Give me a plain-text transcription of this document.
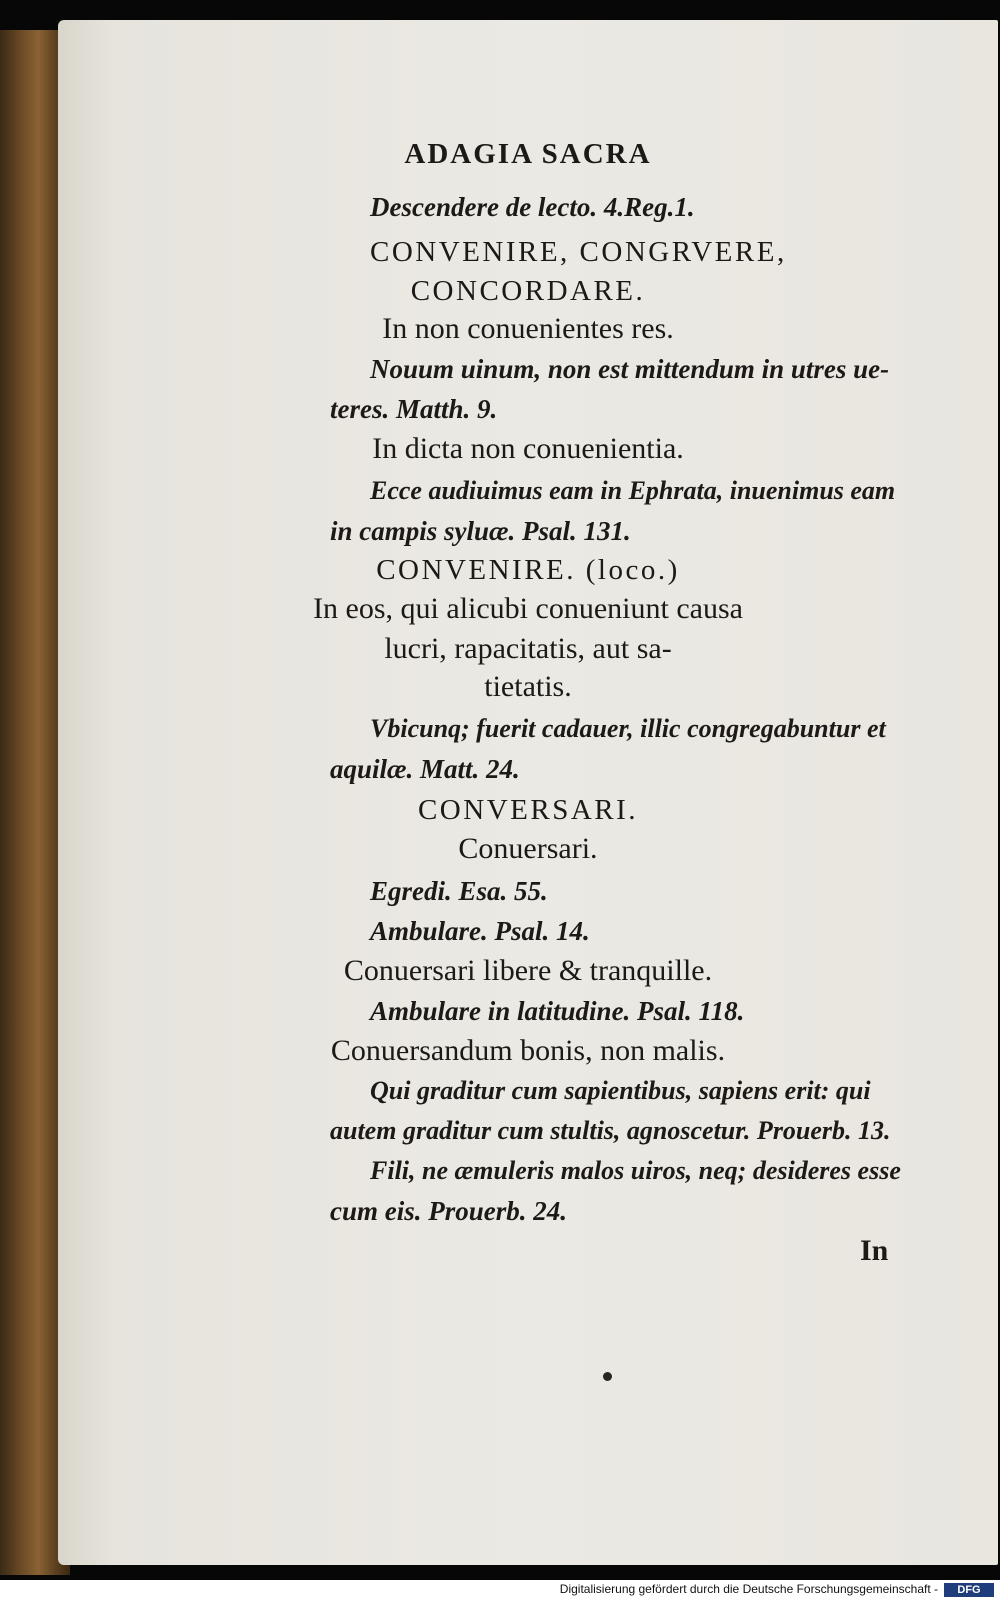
ADAGIA SACRA
Descendere de lecto. 4.Reg.1.
CONVENIRE, CONGRVERE,
CONCORDARE.
In non conuenientes res.
Nouum uinum, non est mittendum in utres ue-
teres. Matth. 9.
In dicta non conuenientia.
Ecce audiuimus eam in Ephrata, inuenimus eam
in campis syluæ. Psal. 131.
CONVENIRE. (loco.)
In eos, qui alicubi conueniunt causa
lucri, rapacitatis, aut sa-
tietatis.
Vbicunq; fuerit cadauer, illic congregabuntur et
aquilæ. Matt. 24.
CONVERSARI.
Conuersari.
Egredi. Esa. 55.
Ambulare. Psal. 14.
Conuersari libere & tranquille.
Ambulare in latitudine. Psal. 118.
Conuersandum bonis, non malis.
Qui graditur cum sapientibus, sapiens erit: qui
autem graditur cum stultis, agnoscetur. Prouerb. 13.
Fili, ne æmuleris malos uiros, neq; desideres esse
cum eis. Prouerb. 24.
In
Digitalisierung gefördert durch die Deutsche Forschungsgemeinschaft -	DFG
